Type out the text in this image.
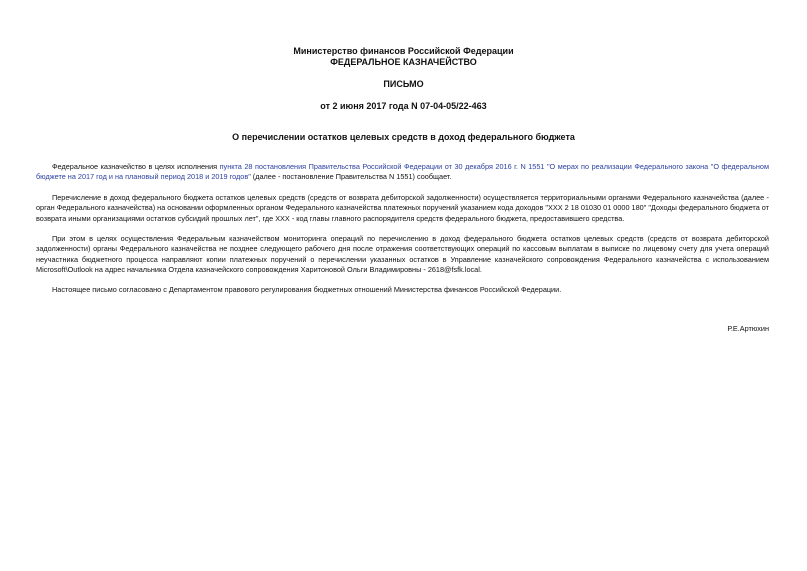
Министерство финансов Российской Федерации
ФЕДЕРАЛЬНОЕ КАЗНАЧЕЙСТВО
ПИСЬМО
от 2 июня 2017 года N 07-04-05/22-463
О перечислении остатков целевых средств в доход федерального бюджета
Федеральное казначейство в целях исполнения пункта 28 постановления Правительства Российской Федерации от 30 декабря 2016 г. N 1551 "О мерах по реализации Федерального закона "О федеральном бюджете на 2017 год и на плановый период 2018 и 2019 годов" (далее - постановление Правительства N 1551) сообщает.
Перечисление в доход федерального бюджета остатков целевых средств (средств от возврата дебиторской задолженности) осуществляется территориальными органами Федерального казначейства (далее - орган Федерального казначейства) на основании оформленных органом Федерального казначейства платежных поручений указанием кода доходов "XXX 2 18 01030 01 0000 180" "Доходы федерального бюджета от возврата иными организациями остатков субсидий прошлых лет", где XXX - код главы главного распорядителя средств федерального бюджета, предоставившего средства.
При этом в целях осуществления Федеральным казначейством мониторинга операций по перечислению в доход федерального бюджета остатков целевых средств (средств от возврата дебиторской задолженности) органы Федерального казначейства не позднее следующего рабочего дня после отражения соответствующих операций по кассовым выплатам в выписке по лицевому счету для учета операций неучастника бюджетного процесса направляют копии платежных поручений о перечислении указанных остатков в Управление казначейского сопровождения Федерального казначейства с использованием Microsoft\Outlook на адрес начальника Отдела казначейского сопровождения Харитоновой Ольги Владимировны - 2618@fsfk.local.
Настоящее письмо согласовано с Департаментом правового регулирования бюджетных отношений Министерства финансов Российской Федерации.
Р.Е.Артюхин
